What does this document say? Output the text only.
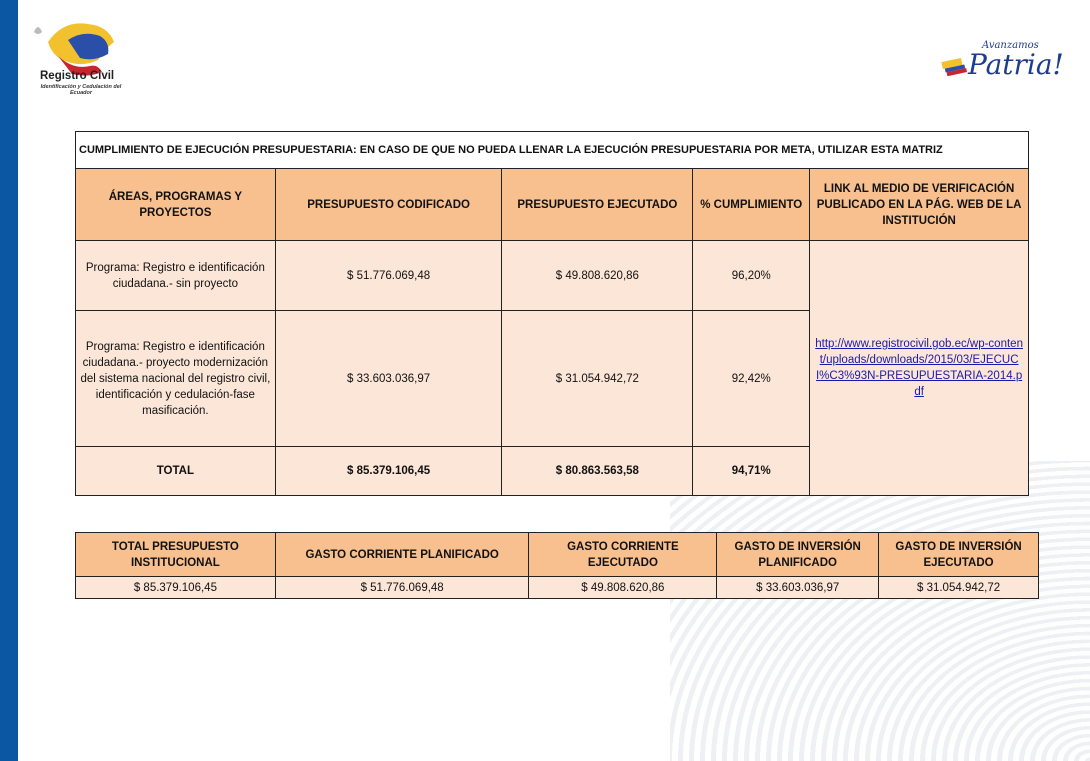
Registro Civil
Identificación y Cedulación del Ecuador
Avanzamos
Patria!
CUMPLIMIENTO DE EJECUCIÓN PRESUPUESTARIA: EN CASO DE QUE NO PUEDA LLENAR LA EJECUCIÓN PRESUPUESTARIA POR META, UTILIZAR ESTA MATRIZ				
ÁREAS, PROGRAMAS Y PROYECTOS	PRESUPUESTO CODIFICADO	PRESUPUESTO EJECUTADO	% CUMPLIMIENTO	LINK AL MEDIO DE VERIFICACIÓN PUBLICADO EN LA PÁG. WEB DE LA INSTITUCIÓN
Programa: Registro e identificación ciudadana.- sin proyecto	$ 51.776.069,48	$ 49.808.620,86	96,20%	http://www.registrocivil.gob.ec/wp-content/uploads/downloads/2015/03/EJECUCI%C3%93N-PRESUPUESTARIA-2014.pdf
Programa: Registro e identificación ciudadana.- proyecto modernización del sistema nacional del registro civil, identificación y cedulación-fase masificación.	$ 33.603.036,97	$ 31.054.942,72	92,42%	
TOTAL	$ 85.379.106,45	$ 80.863.563,58	94,71%	
TOTAL PRESUPUESTO INSTITUCIONAL	GASTO CORRIENTE PLANIFICADO	GASTO CORRIENTE EJECUTADO	GASTO DE INVERSIÓN PLANIFICADO	GASTO DE INVERSIÓN EJECUTADO
$ 85.379.106,45	$ 51.776.069,48	$ 49.808.620,86	$ 33.603.036,97	$ 31.054.942,72
